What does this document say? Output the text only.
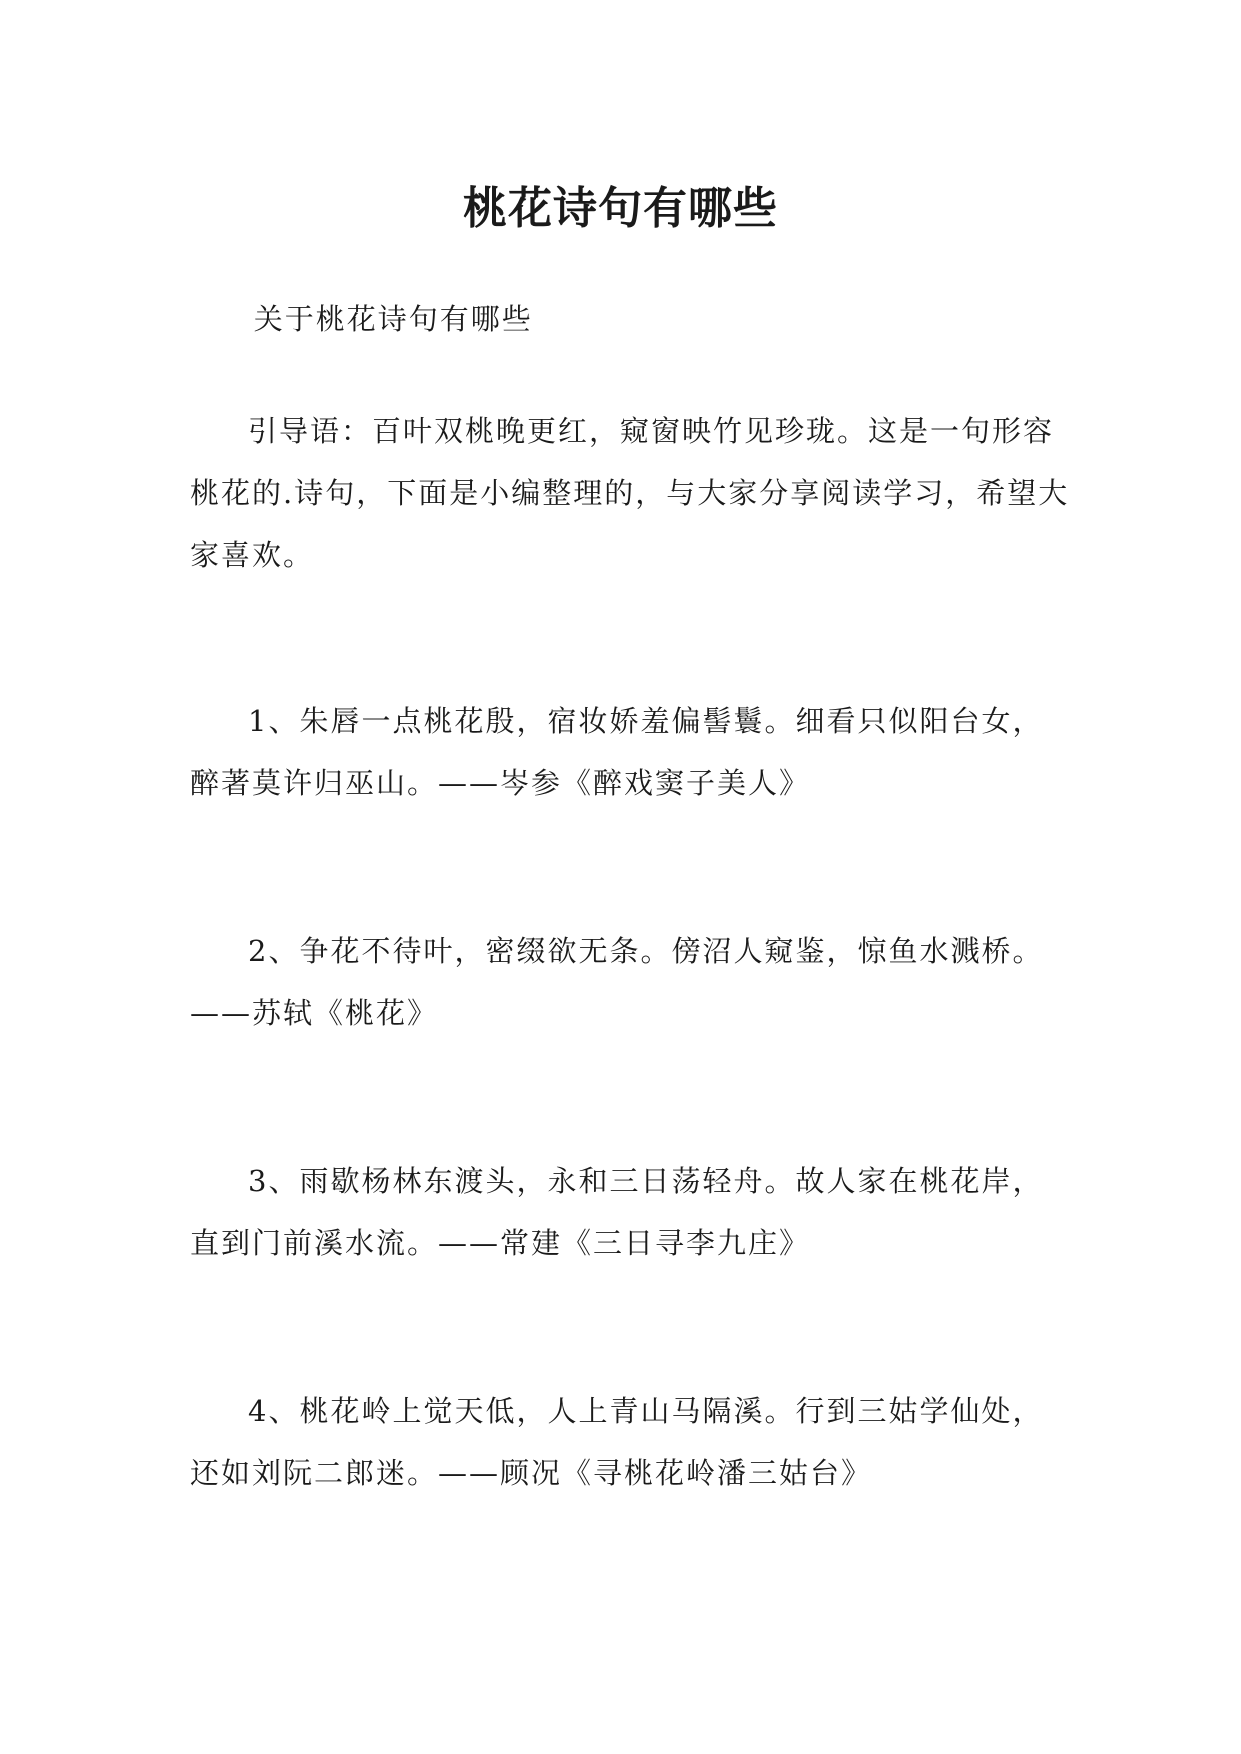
桃花诗句有哪些

关于桃花诗句有哪些

引导语：百叶双桃晚更红，窥窗映竹见珍珑。这是一句形容桃花的.诗句，下面是小编整理的，与大家分享阅读学习，希望大家喜欢。

1、朱唇一点桃花殷，宿妆娇羞偏髻鬟。细看只似阳台女，醉著莫许归巫山。——岑参《醉戏窦子美人》

2、争花不待叶，密缀欲无条。傍沼人窥鉴，惊鱼水溅桥。——苏轼《桃花》

3、雨歇杨林东渡头，永和三日荡轻舟。故人家在桃花岸，直到门前溪水流。——常建《三日寻李九庄》

4、桃花岭上觉天低，人上青山马隔溪。行到三姑学仙处，还如刘阮二郎迷。——顾况《寻桃花岭潘三姑台》
